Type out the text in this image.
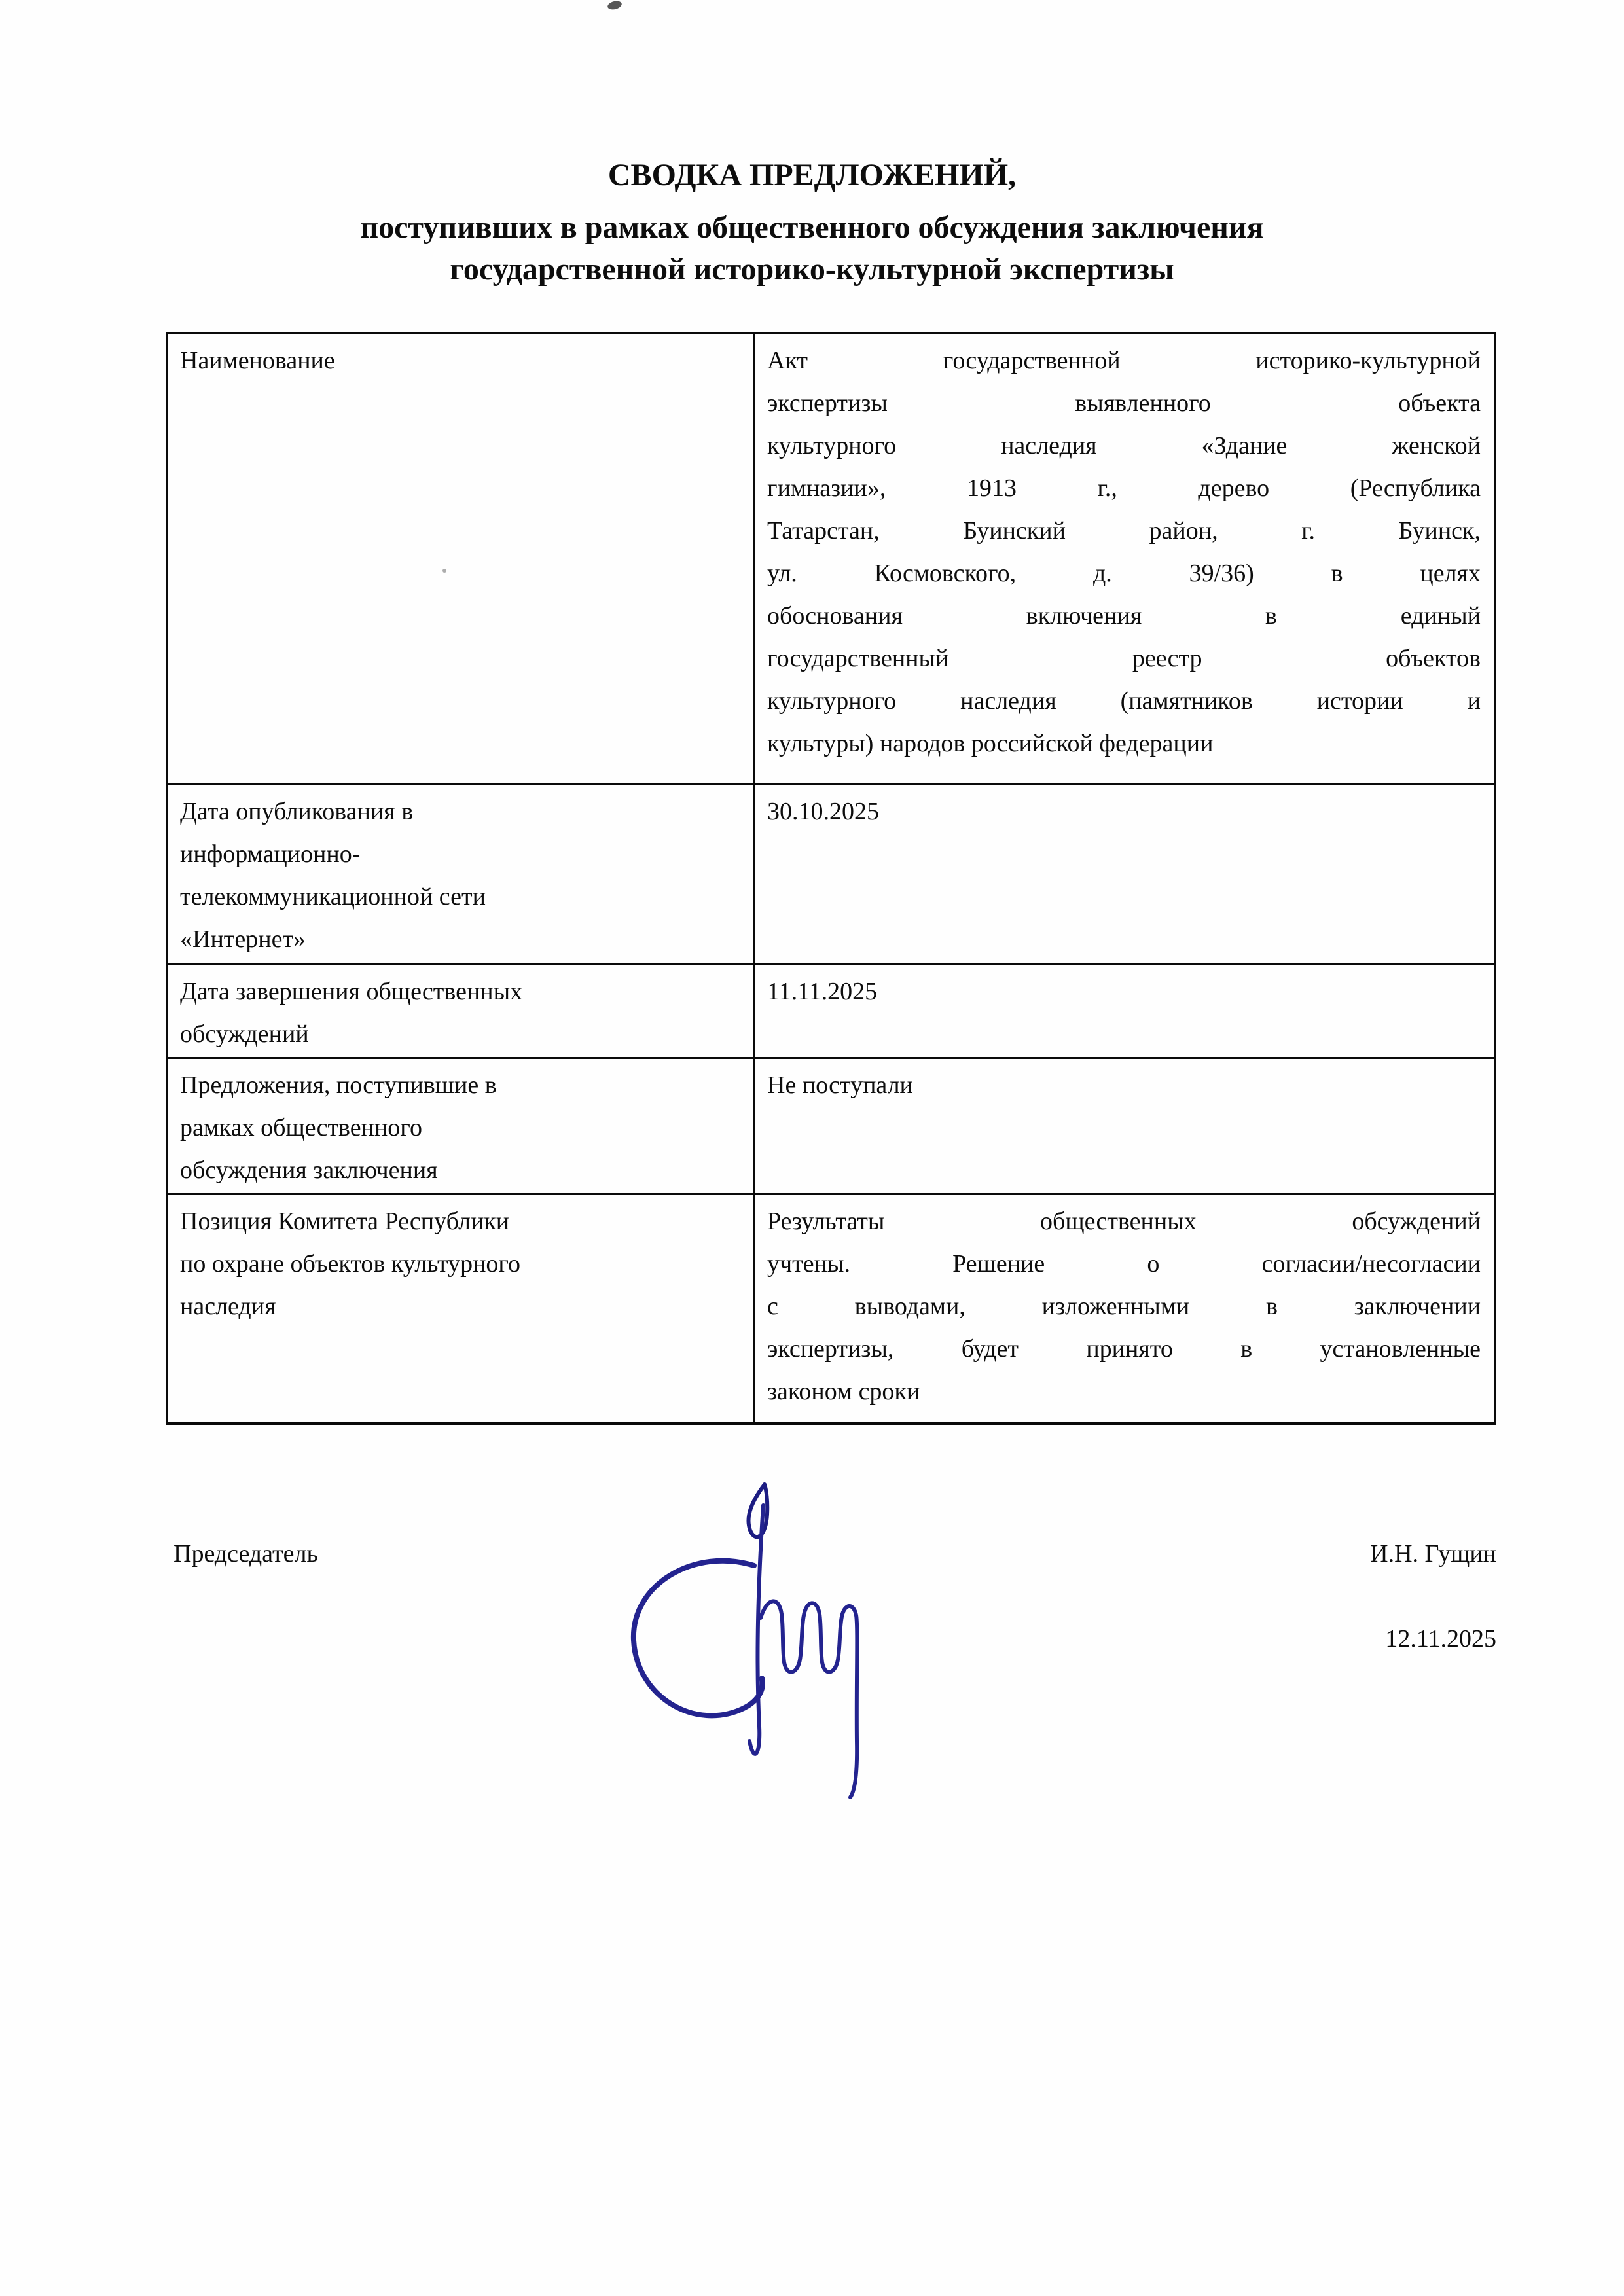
СВОДКА ПРЕДЛОЖЕНИЙ,
поступивших в рамках общественного обсуждения заключения
государственной историко-культурной экспертизы
Наименование	Акт государственной историко-культурной
экспертизы выявленного объекта
культурного наследия «Здание женской
гимназии», 1913 г., дерево (Республика
Татарстан, Буинский район, г. Буинск,
ул. Космовского, д. 39/36) в целях
обоснования включения в единый
государственный реестр объектов
культурного наследия (памятников истории и
культуры) народов российской федерации
Дата опубликования в
информационно-
телекоммуникационной сети
«Интернет»
30.10.2025
Дата завершения общественных
обсуждений
11.11.2025
Предложения, поступившие в
рамках общественного
обсуждения заключения
Не поступали
Позиция Комитета Республики
по охране объектов культурного
наследия
Результаты общественных обсуждений
учтены. Решение о согласии/несогласии
с выводами, изложенными в заключении
экспертизы, будет принято в установленные
законом сроки
Председатель	И.Н. Гущин
12.11.2025
